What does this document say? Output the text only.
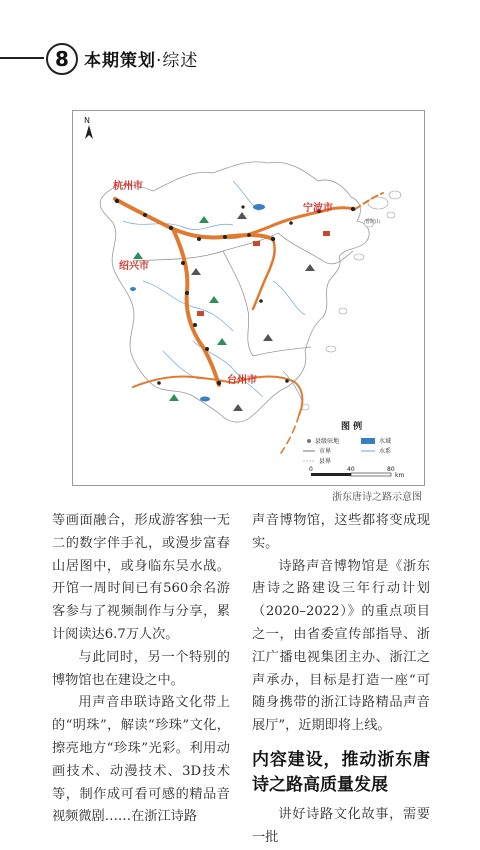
8 本期策划·综述
N
杭州市
绍兴市
宁波市
台州市
普陀山
图 例
县级驻地
市界
县界
水域
水系
0	40	80
km
浙东唐诗之路示意图

等画面融合，形成游客独一无二的数字伴手礼，或漫步富春山居图中，或身临东吴水战。开馆一周时间已有560余名游客参与了视频制作与分享，累计阅读达6.7万人次。

与此同时，另一个特别的博物馆也在建设之中。

用声音串联诗路文化带上的“明珠”，解读“珍珠”文化，擦亮地方“珍珠”光彩。利用动画技术、动漫技术、3D技术等，制作成可看可感的精品音视频微剧……在浙江诗路

声音博物馆，这些都将变成现实。

诗路声音博物馆是《浙东唐诗之路建设三年行动计划（2020–2022）》的重点项目之一，由省委宣传部指导、浙江广播电视集团主办、浙江之声承办，目标是打造一座“可随身携带的浙江诗路精品声音展厅”，近期即将上线。

内容建设，推动浙东唐诗之路高质量发展

讲好诗路文化故事，需要一批
